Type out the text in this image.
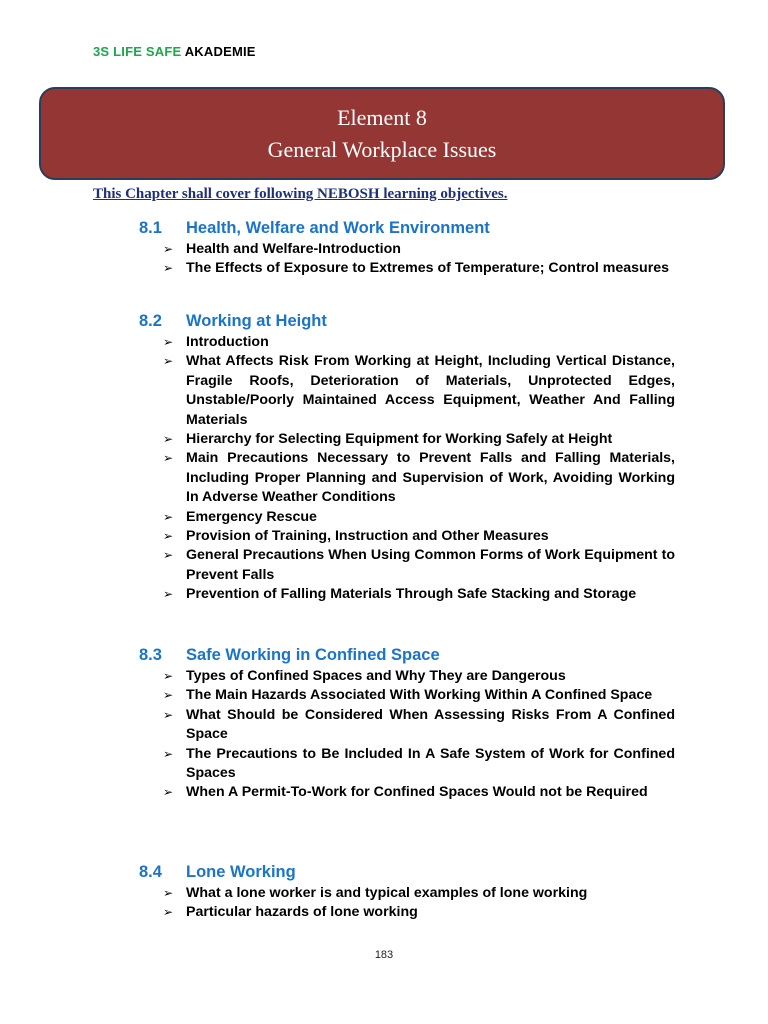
3S LIFE SAFE AKADEMIE
Element 8
General Workplace Issues
This Chapter shall cover following NEBOSH learning objectives.
8.1 Health, Welfare and Work Environment
➢ Health and Welfare-Introduction
➢ The Effects of Exposure to Extremes of Temperature; Control measures
8.2 Working at Height
➢ Introduction
➢ What Affects Risk From Working at Height, Including Vertical Distance, Fragile Roofs, Deterioration of Materials, Unprotected Edges, Unstable/Poorly Maintained Access Equipment, Weather And Falling Materials
➢ Hierarchy for Selecting Equipment for Working Safely at Height
➢ Main Precautions Necessary to Prevent Falls and Falling Materials, Including Proper Planning and Supervision of Work, Avoiding Working In Adverse Weather Conditions
➢ Emergency Rescue
➢ Provision of Training, Instruction and Other Measures
➢ General Precautions When Using Common Forms of Work Equipment to Prevent Falls
➢ Prevention of Falling Materials Through Safe Stacking and Storage
8.3 Safe Working in Confined Space
➢ Types of Confined Spaces and Why They are Dangerous
➢ The Main Hazards Associated With Working Within A Confined Space
➢ What Should be Considered When Assessing Risks From A Confined Space
➢ The Precautions to Be Included In A Safe System of Work for Confined Spaces
➢ When A Permit-To-Work for Confined Spaces Would not be Required
8.4 Lone Working
➢ What a lone worker is and typical examples of lone working
➢ Particular hazards of lone working
183
